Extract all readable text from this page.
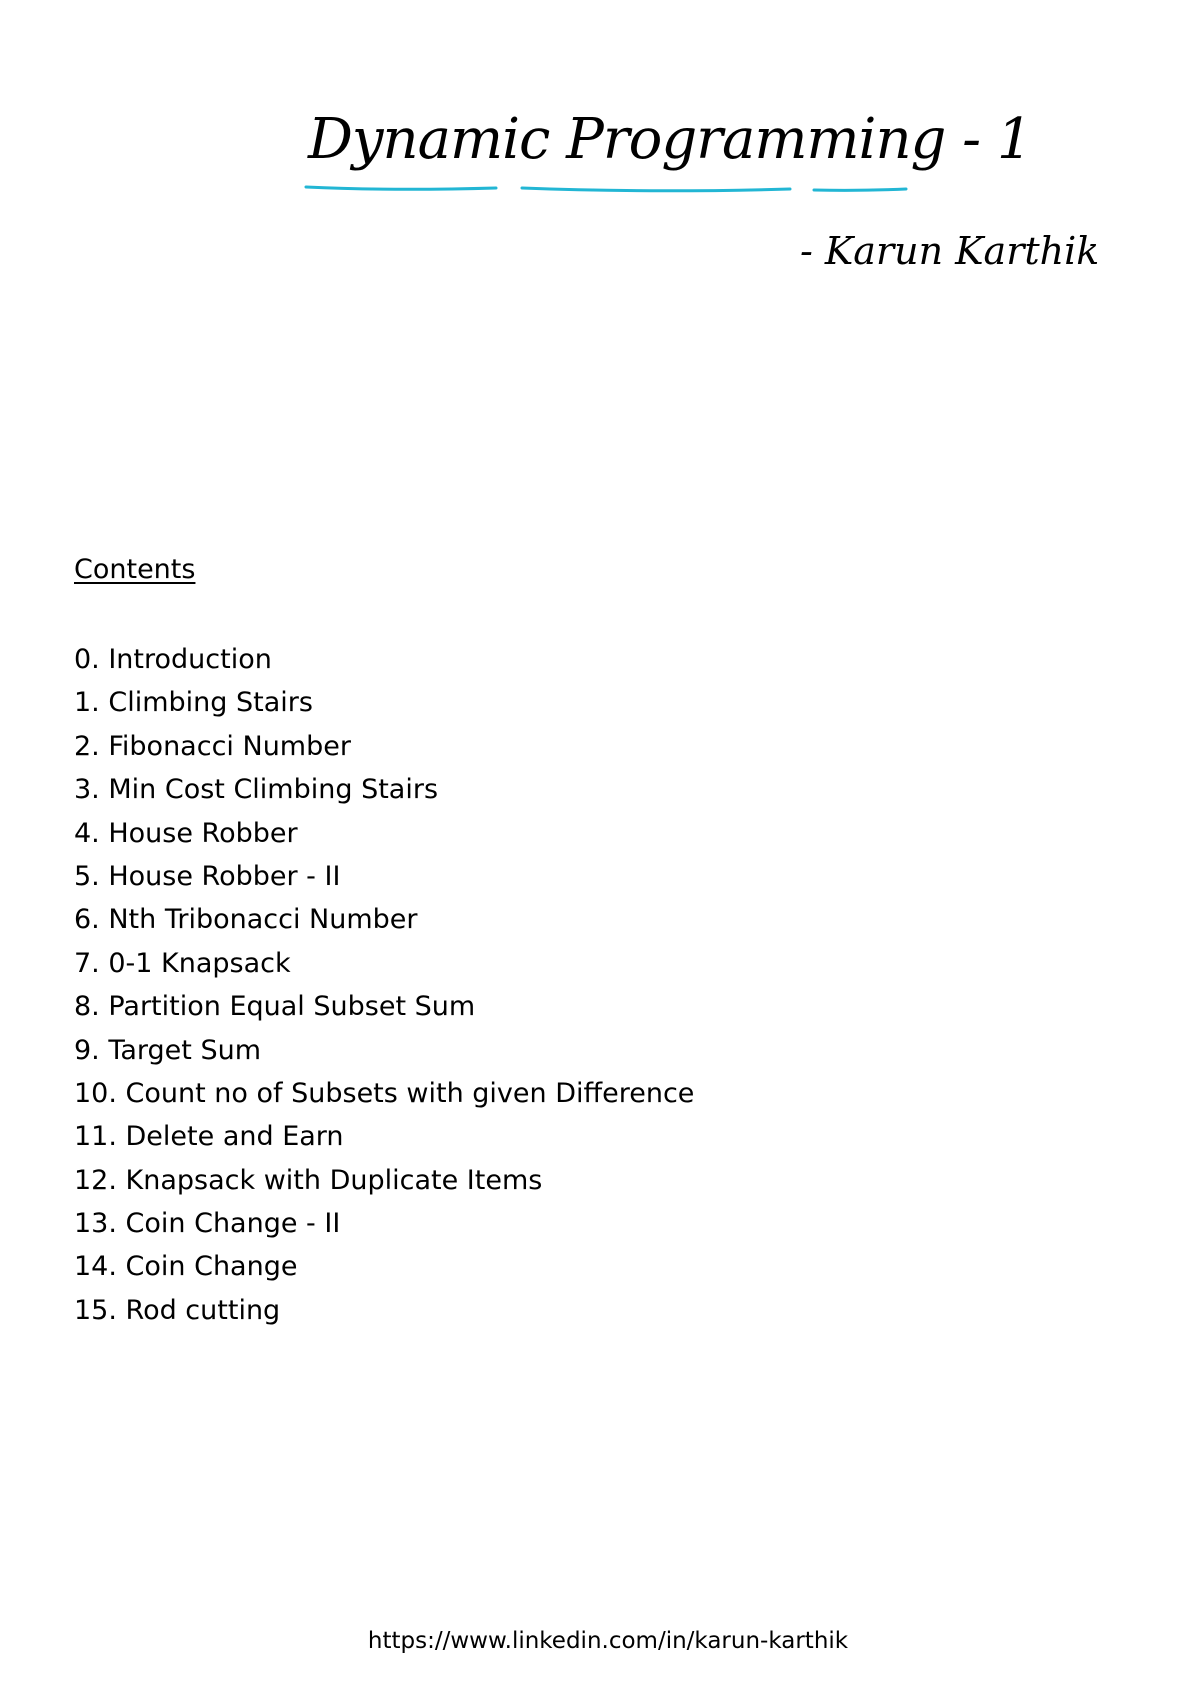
Dynamic Programming - 1

- Karun Karthik

Contents
0. Introduction
1. Climbing Stairs
2. Fibonacci Number
3. Min Cost Climbing Stairs
4. House Robber
5. House Robber - II
6. Nth Tribonacci Number
7. 0-1 Knapsack
8. Partition Equal Subset Sum
9. Target Sum
10. Count no of Subsets with given Difference
11. Delete and Earn
12. Knapsack with Duplicate Items
13. Coin Change - II
14. Coin Change
15. Rod cutting
https://www.linkedin.com/in/karun-karthik
